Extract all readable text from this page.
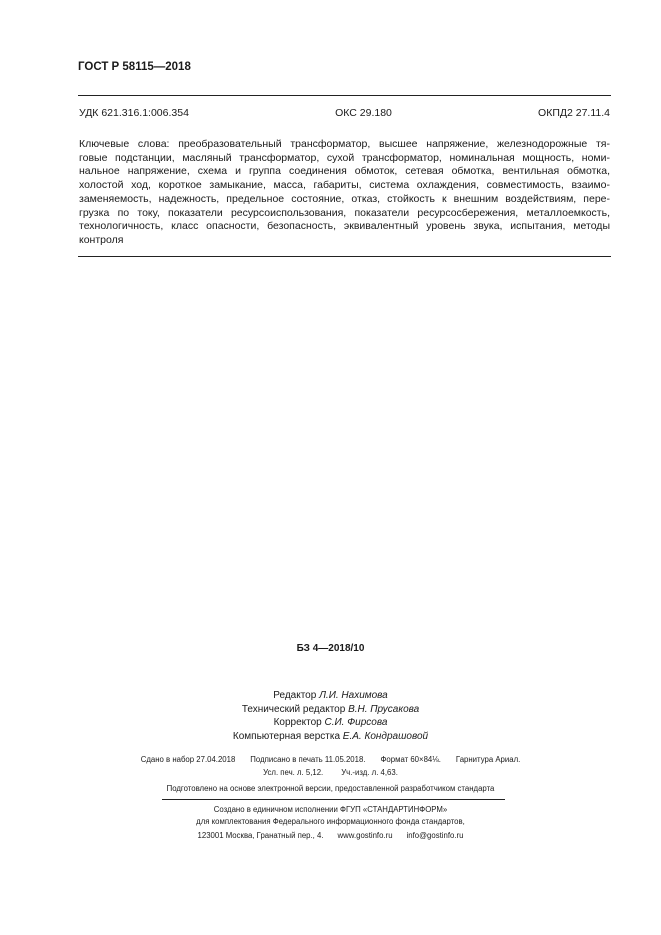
ГОСТ Р 58115—2018
УДК 621.316.1:006.354	ОКС 29.180	ОКПД2 27.11.4
Ключевые слова: преобразовательный трансформатор, высшее напряжение, железнодорожные тя-
говые подстанции, масляный трансформатор, сухой трансформатор, номинальная мощность, номи-
нальное напряжение, схема и группа соединения обмоток, сетевая обмотка, вентильная обмотка,
холостой ход, короткое замыкание, масса, габариты, система охлаждения, совместимость, взаимо-
заменяемость, надежность, предельное состояние, отказ, стойкость к внешним воздействиям, пере-
грузка по току, показатели ресурсоиспользования, показатели ресурсосбережения, металлоемкость,
технологичность, класс опасности, безопасность, эквивалентный уровень звука, испытания, методы
контроля
БЗ 4—2018/10
Редактор Л.И. Нахимова
Технический редактор В.Н. Прусакова
Корректор С.И. Фирсова
Компьютерная верстка Е.А. Кондрашовой
Сдано в набор 27.04.2018 Подписано в печать 11.05.2018. Формат 60×84⅛. Гарнитура Ариал.
Усл. печ. л. 5,12. Уч.-изд. л. 4,63.
Подготовлено на основе электронной версии, предоставленной разработчиком стандарта
Создано в единичном исполнении ФГУП «СТАНДАРТИНФОРМ»
для комплектования Федерального информационного фонда стандартов,
123001 Москва, Гранатный пер., 4. www.gostinfo.ru info@gostinfo.ru
